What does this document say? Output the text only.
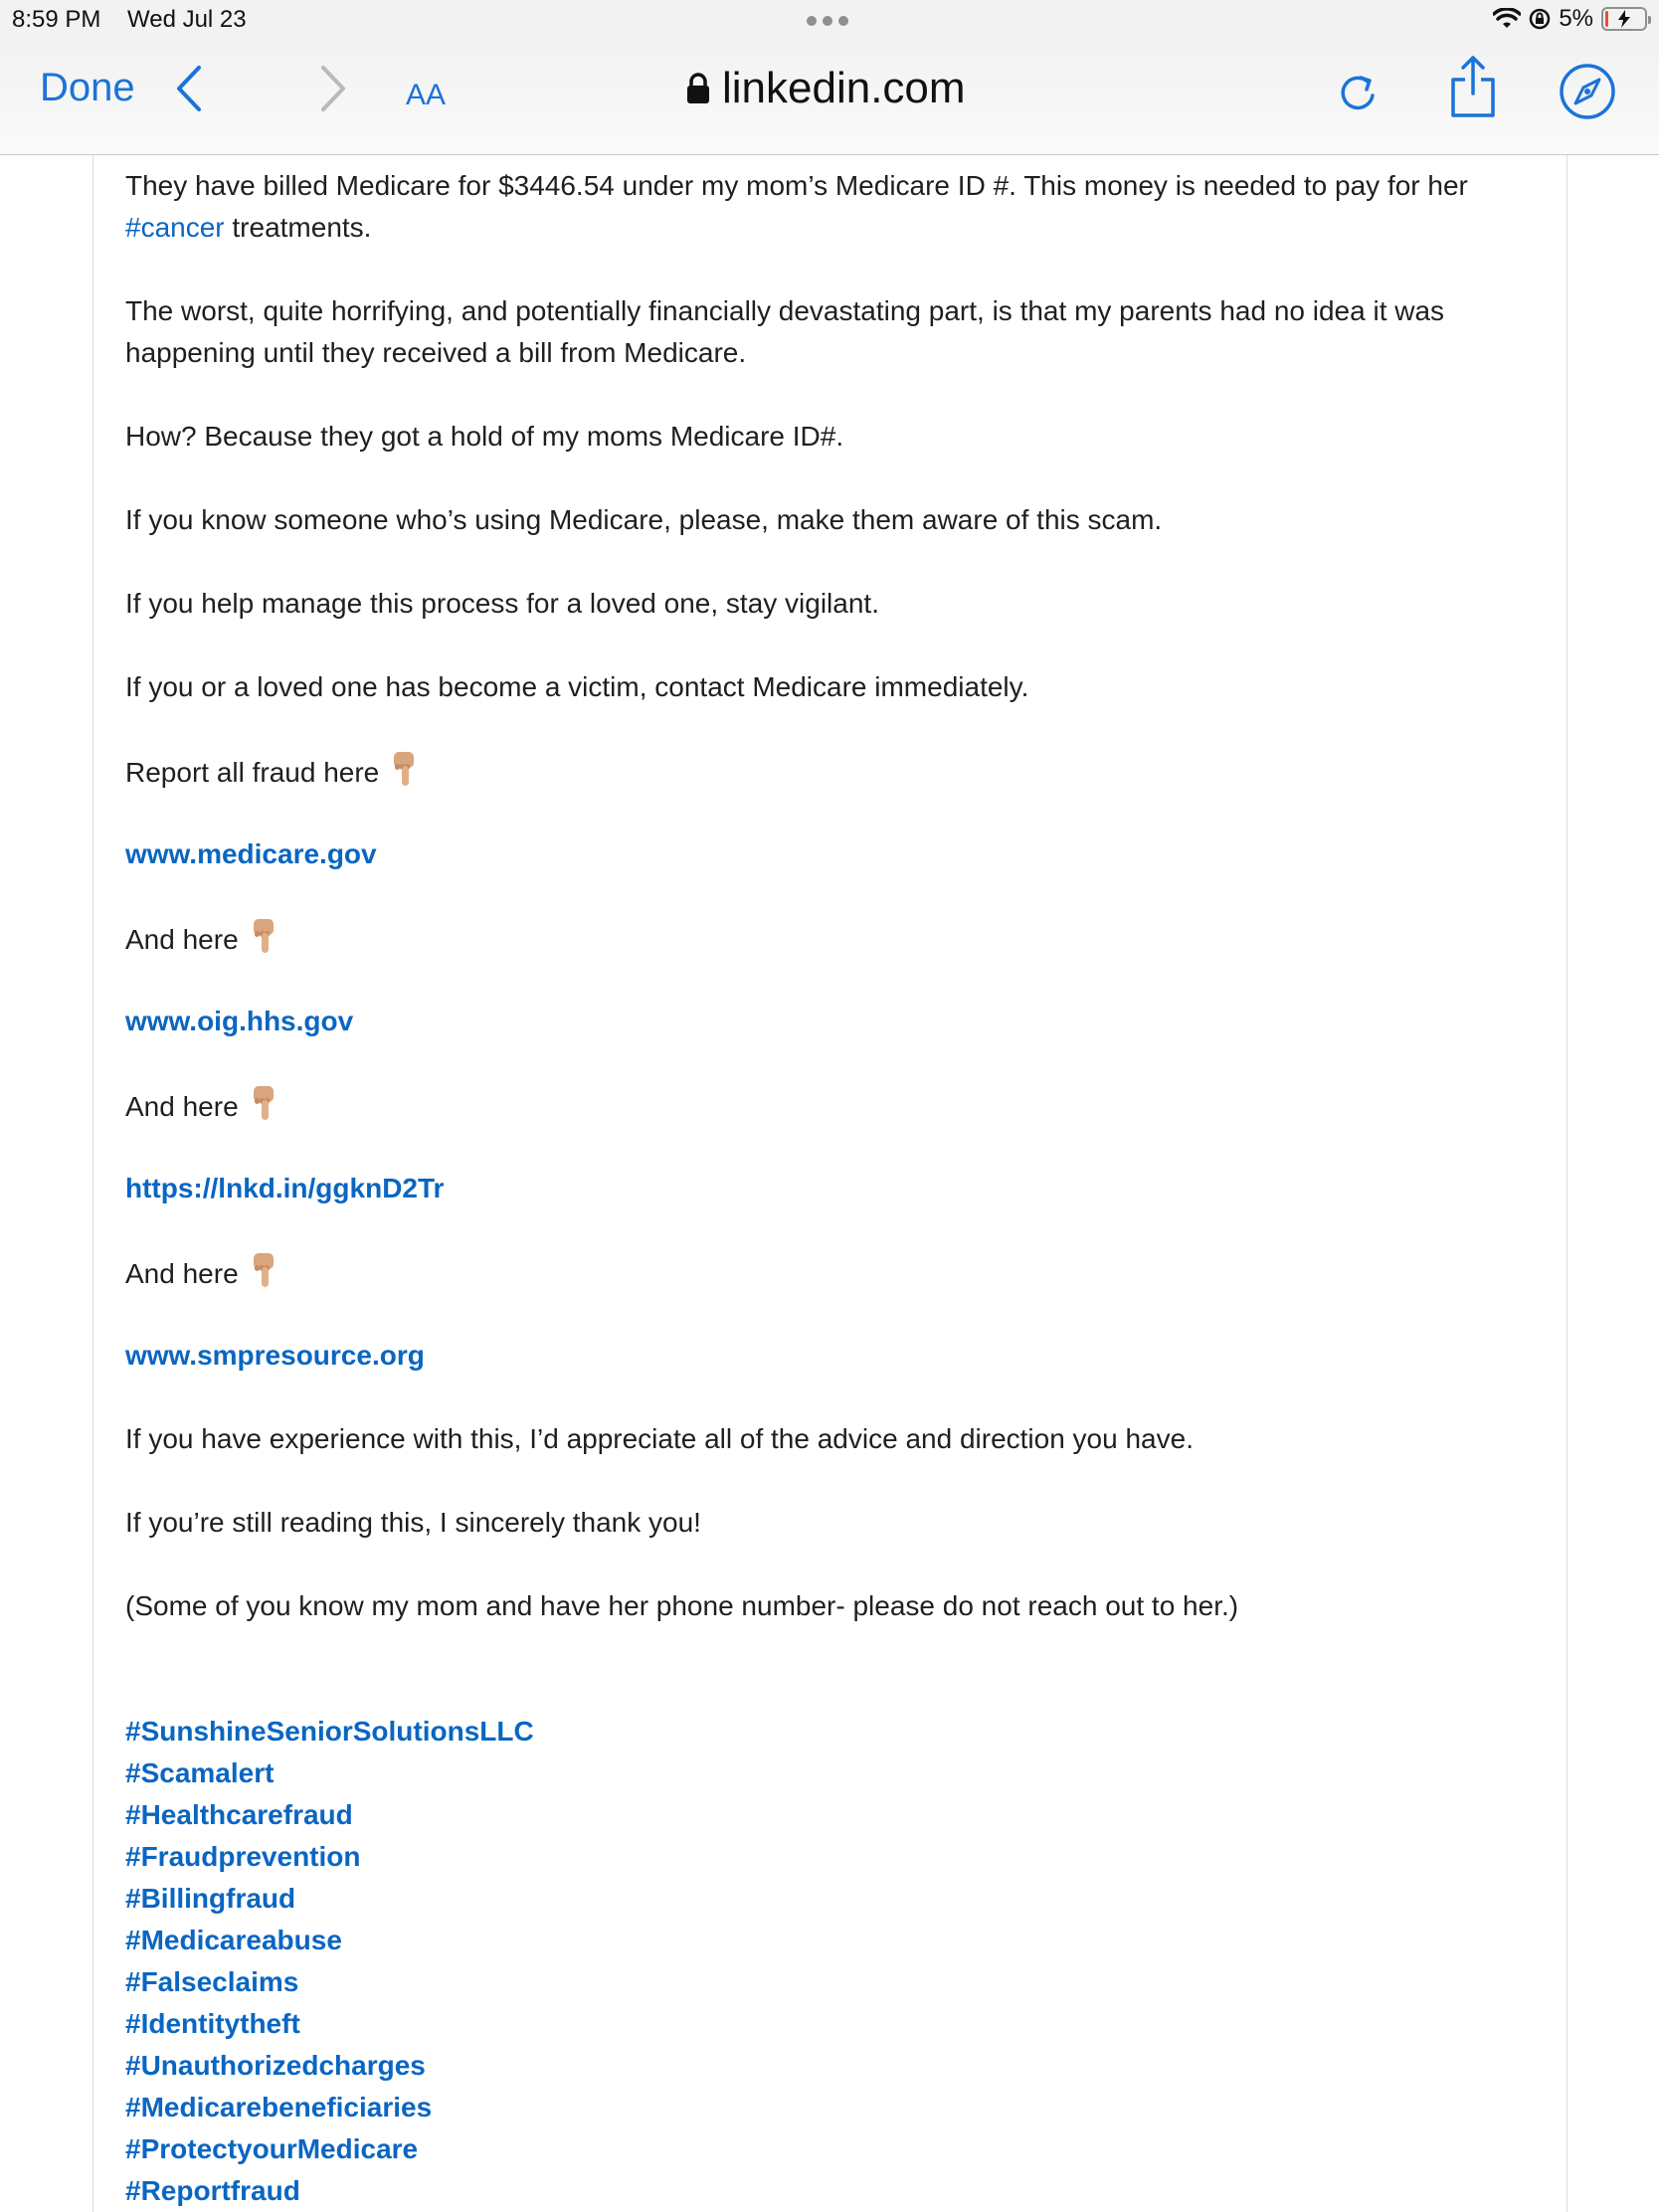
8:59 PM Wed Jul 23	5%
Done	AA	linkedin.com

They have billed Medicare for $3446.54 under my mom’s Medicare ID #. This money is needed to pay for her
#cancer treatments.

The worst, quite horrifying, and potentially financially devastating part, is that my parents had no idea it was happening until they received a bill from Medicare.

How? Because they got a hold of my moms Medicare ID#.

If you know someone who’s using Medicare, please, make them aware of this scam.

If you help manage this process for a loved one, stay vigilant.

If you or a loved one has become a victim, contact Medicare immediately.

Report all fraud here

www.medicare.gov

And here

www.oig.hhs.gov

And here

https://lnkd.in/ggknD2Tr

And here

www.smpresource.org

If you have experience with this, I’d appreciate all of the advice and direction you have.

If you’re still reading this, I sincerely thank you!

(Some of you know my mom and have her phone number- please do not reach out to her.)

#SunshineSeniorSolutionsLLC

#Scamalert

#Healthcarefraud

#Fraudprevention

#Billingfraud

#Medicareabuse

#Falseclaims

#Identitytheft

#Unauthorizedcharges

#Medicarebeneficiaries

#ProtectyourMedicare

#Reportfraud
